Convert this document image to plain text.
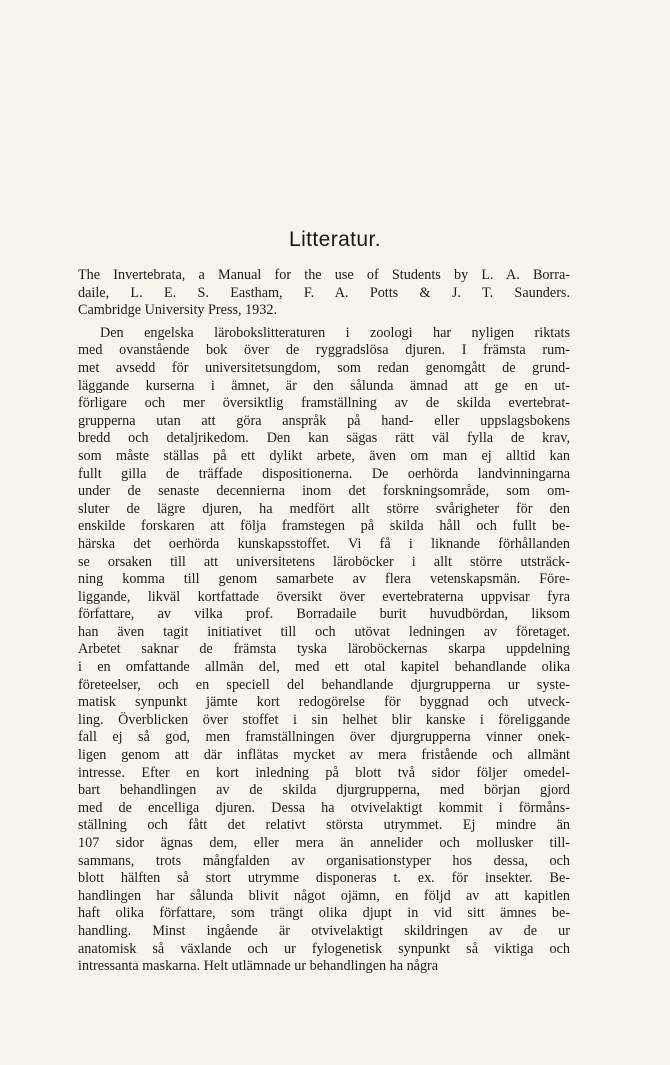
Litteratur.
The Invertebrata, a Manual for the use of Students by L. A. Borra-
daile, L. E. S. Eastham, F. A. Potts & J. T. Saunders.
Cambridge University Press, 1932.
Den engelska lärobokslitteraturen i zoologi har nyligen riktats
med ovanstående bok över de ryggradslösa djuren. I främsta rum-
met avsedd för universitetsungdom, som redan genomgått de grund-
läggande kurserna i ämnet, är den sålunda ämnad att ge en ut-
förligare och mer översiktlig framställning av de skilda evertebrat-
grupperna utan att göra anspråk på hand- eller uppslagsbokens
bredd och detaljrikedom. Den kan sägas rätt väl fylla de krav,
som måste ställas på ett dylikt arbete, även om man ej alltid kan
fullt gilla de träffade dispositionerna. De oerhörda landvinningarna
under de senaste decennierna inom det forskningsområde, som om-
sluter de lägre djuren, ha medfört allt större svårigheter för den
enskilde forskaren att följa framstegen på skilda håll och fullt be-
härska det oerhörda kunskapsstoffet. Vi få i liknande förhållanden
se orsaken till att universitetens läroböcker i allt större utsträck-
ning komma till genom samarbete av flera vetenskapsmän. Före-
liggande, likväl kortfattade översikt över evertebraterna uppvisar fyra
författare, av vilka prof. Borradaile burit huvudbördan, liksom
han även tagit initiativet till och utövat ledningen av företaget.
Arbetet saknar de främsta tyska läroböckernas skarpa uppdelning
i en omfattande allmän del, med ett otal kapitel behandlande olika
företeelser, och en speciell del behandlande djurgrupperna ur syste-
matisk synpunkt jämte kort redogörelse för byggnad och utveck-
ling. Överblicken över stoffet i sin helhet blir kanske i föreliggande
fall ej så god, men framställningen över djurgrupperna vinner onek-
ligen genom att där inflätas mycket av mera fristående och allmänt
intresse. Efter en kort inledning på blott två sidor följer omedel-
bart behandlingen av de skilda djurgrupperna, med början gjord
med de encelliga djuren. Dessa ha otvivelaktigt kommit i förmåns-
ställning och fått det relativt största utrymmet. Ej mindre än
107 sidor ägnas dem, eller mera än annelider och mollusker till-
sammans, trots mångfalden av organisationstyper hos dessa, och
blott hälften så stort utrymme disponeras t. ex. för insekter. Be-
handlingen har sålunda blivit något ojämn, en följd av att kapitlen
haft olika författare, som trängt olika djupt in vid sitt ämnes be-
handling. Minst ingående är otvivelaktigt skildringen av de ur
anatomisk så växlande och ur fylogenetisk synpunkt så viktiga och
intressanta maskarna. Helt utlämnade ur behandlingen ha några
